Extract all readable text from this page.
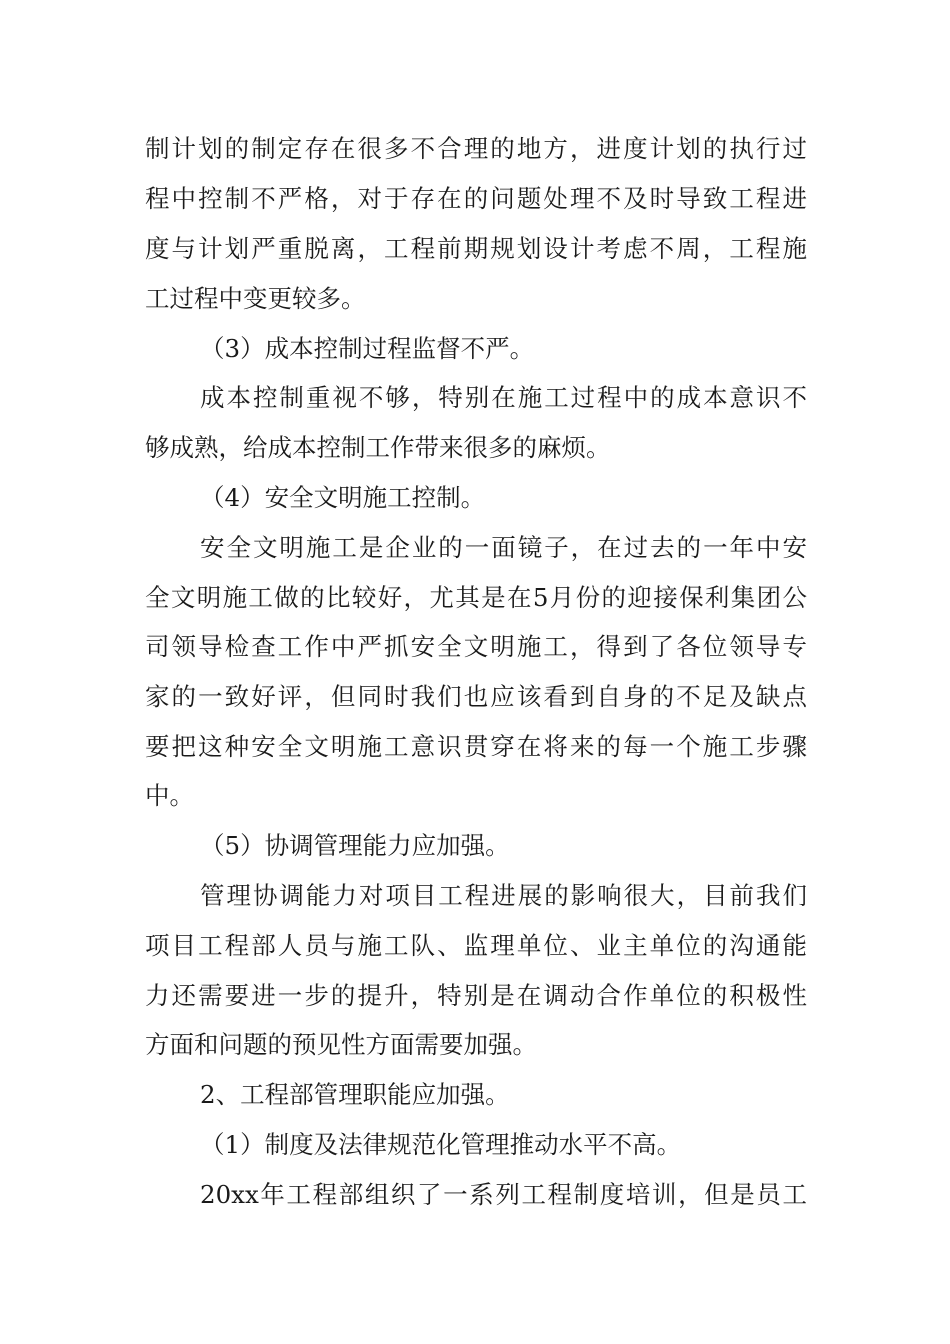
制计划的制定存在很多不合理的地方，进度计划的执行过
程中控制不严格，对于存在的问题处理不及时导致工程进
度与计划严重脱离，工程前期规划设计考虑不周，工程施
工过程中变更较多。
（3）成本控制过程监督不严。
成本控制重视不够，特别在施工过程中的成本意识不
够成熟，给成本控制工作带来很多的麻烦。
（4）安全文明施工控制。
安全文明施工是企业的一面镜子，在过去的一年中安
全文明施工做的比较好，尤其是在5月份的迎接保利集团公
司领导检查工作中严抓安全文明施工，得到了各位领导专
家的一致好评，但同时我们也应该看到自身的不足及缺点
要把这种安全文明施工意识贯穿在将来的每一个施工步骤
中。
（5）协调管理能力应加强。
管理协调能力对项目工程进展的影响很大，目前我们
项目工程部人员与施工队、监理单位、业主单位的沟通能
力还需要进一步的提升，特别是在调动合作单位的积极性
方面和问题的预见性方面需要加强。
2、工程部管理职能应加强。
（1）制度及法律规范化管理推动水平不高。
20xx年工程部组织了一系列工程制度培训，但是员工
